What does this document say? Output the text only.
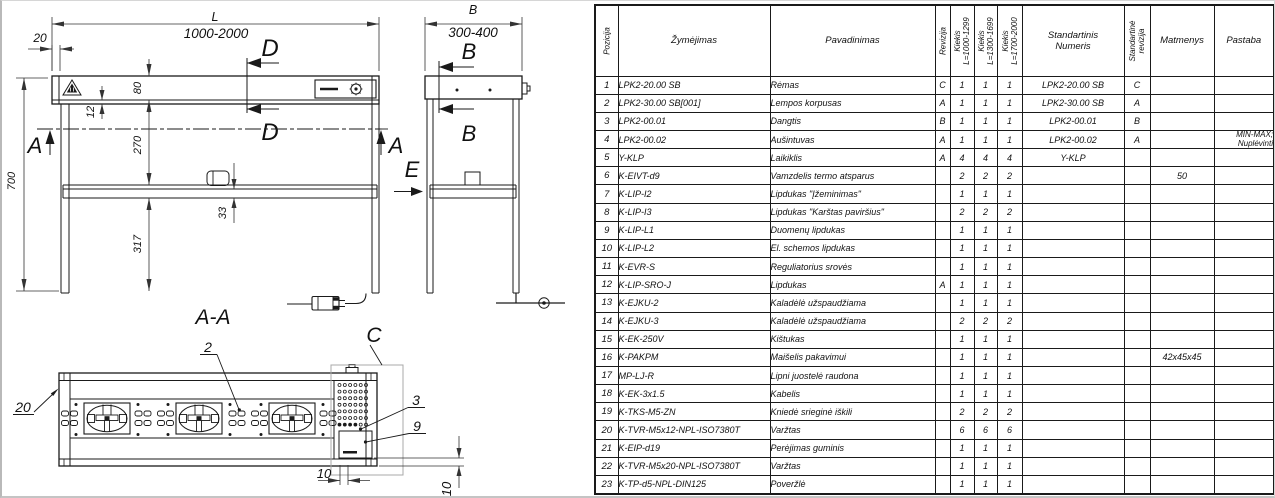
L
1000-2000
20	D
D
A	A
80
270
317
12
33
700
B
300-400
B
B
E
A-A
C
2
20	3
9
10
10
Pozicija	Žymėjimas	Pavadinimas	Revizija	Kiekis L=1000-1299	Kiekis L=1300-1699	Kiekis L=1700-2000	Standartinis Numeris	Standartinė revizija	Matmenys	Pastaba
1	LPK2-20.00 SB	Rėmas	C	1	1	1	LPK2-20.00 SB	C		
2	LPK2-30.00 SB[001]	Lempos korpusas	A	1	1	1	LPK2-30.00 SB	A		
3	LPK2-00.01	Dangtis	B	1	1	1	LPK2-00.01	B		
4	LPK2-00.02	Aušintuvas	A	1	1	1	LPK2-00.02	A		MIN-MAX; Nuplėvinti
5	Y-KLP	Laikiklis	A	4	4	4	Y-KLP			
6	K-EIVT-d9	Vamzdelis termo atsparus		2	2	2			50	
7	K-LIP-I2	Lipdukas "Įžeminimas"		1	1	1				
8	K-LIP-I3	Lipdukas "Karštas paviršius"		2	2	2				
9	K-LIP-L1	Duomenų lipdukas		1	1	1				
10	K-LIP-L2	El. schemos lipdukas		1	1	1				
11	K-EVR-S	Reguliatorius srovės		1	1	1				
12	K-LIP-SRO-J	Lipdukas	A	1	1	1				
13	K-EJKU-2	Kaladėlė užspaudžiama		1	1	1				
14	K-EJKU-3	Kaladėlė užspaudžiama		2	2	2				
15	K-EK-250V	Kištukas		1	1	1				
16	K-PAKPM	Maišelis pakavimui		1	1	1			42x45x45	
17	MP-LJ-R	Lipni juostelė raudona		1	1	1				
18	K-EK-3x1.5	Kabelis		1	1	1				
19	K-TKS-M5-ZN	Kniedė srieginė iškili		2	2	2				
20	K-TVR-M5x12-NPL-ISO7380T	Varžtas		6	6	6				
21	K-EIP-d19	Perėjimas guminis		1	1	1				
22	K-TVR-M5x20-NPL-ISO7380T	Varžtas		1	1	1				
23	K-TP-d5-NPL-DIN125	Poveržlė		1	1	1				
